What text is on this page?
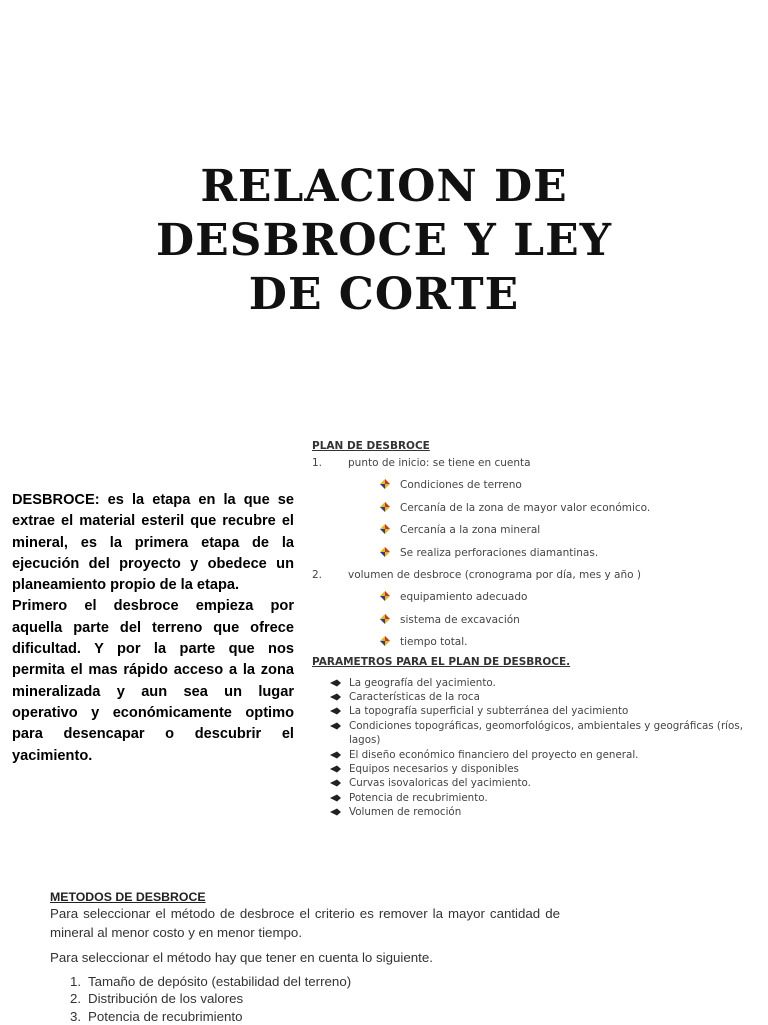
RELACION DE
DESBROCE Y LEY
DE CORTE

DESBROCE: es la etapa en la que se extrae el material esteril que recubre el mineral, es la primera etapa de la ejecución del proyecto y obedece un planeamiento propio de la etapa.

Primero el desbroce empieza por aquella parte del terreno que ofrece dificultad. Y por la parte que nos permita el mas rápido acceso a la zona mineralizada y aun sea un lugar operativo y económicamente optimo para desencapar o descubrir el yacimiento.

PLAN DE DESBROCE
1. punto de inicio: se tiene en cuenta
Condiciones de terreno
Cercanía de la zona de mayor valor económico.
Cercanía a la zona mineral
Se realiza perforaciones diamantinas.
2. volumen de desbroce (cronograma por día, mes y año )
equipamiento adecuado
sistema de excavación
tiempo total.
PARAMETROS PARA EL PLAN DE DESBROCE.
La geografía del yacimiento.
Características de la roca
La topografía superficial y subterránea del yacimiento
Condiciones topográficas, geomorfológicos, ambientales y geográficas (ríos, lagos)
El diseño económico financiero del proyecto en general.
Equipos necesarios y disponibles
Curvas isovaloricas del yacimiento.
Potencia de recubrimiento.
Volumen de remoción
METODOS DE DESBROCE

Para seleccionar el método de desbroce el criterio es remover la mayor cantidad de mineral al menor costo y en menor tiempo.

Para seleccionar el método hay que tener en cuenta lo siguiente.

1. Tamaño de depósito (estabilidad del terreno)
2. Distribución de los valores
3. Potencia de recubrimiento
